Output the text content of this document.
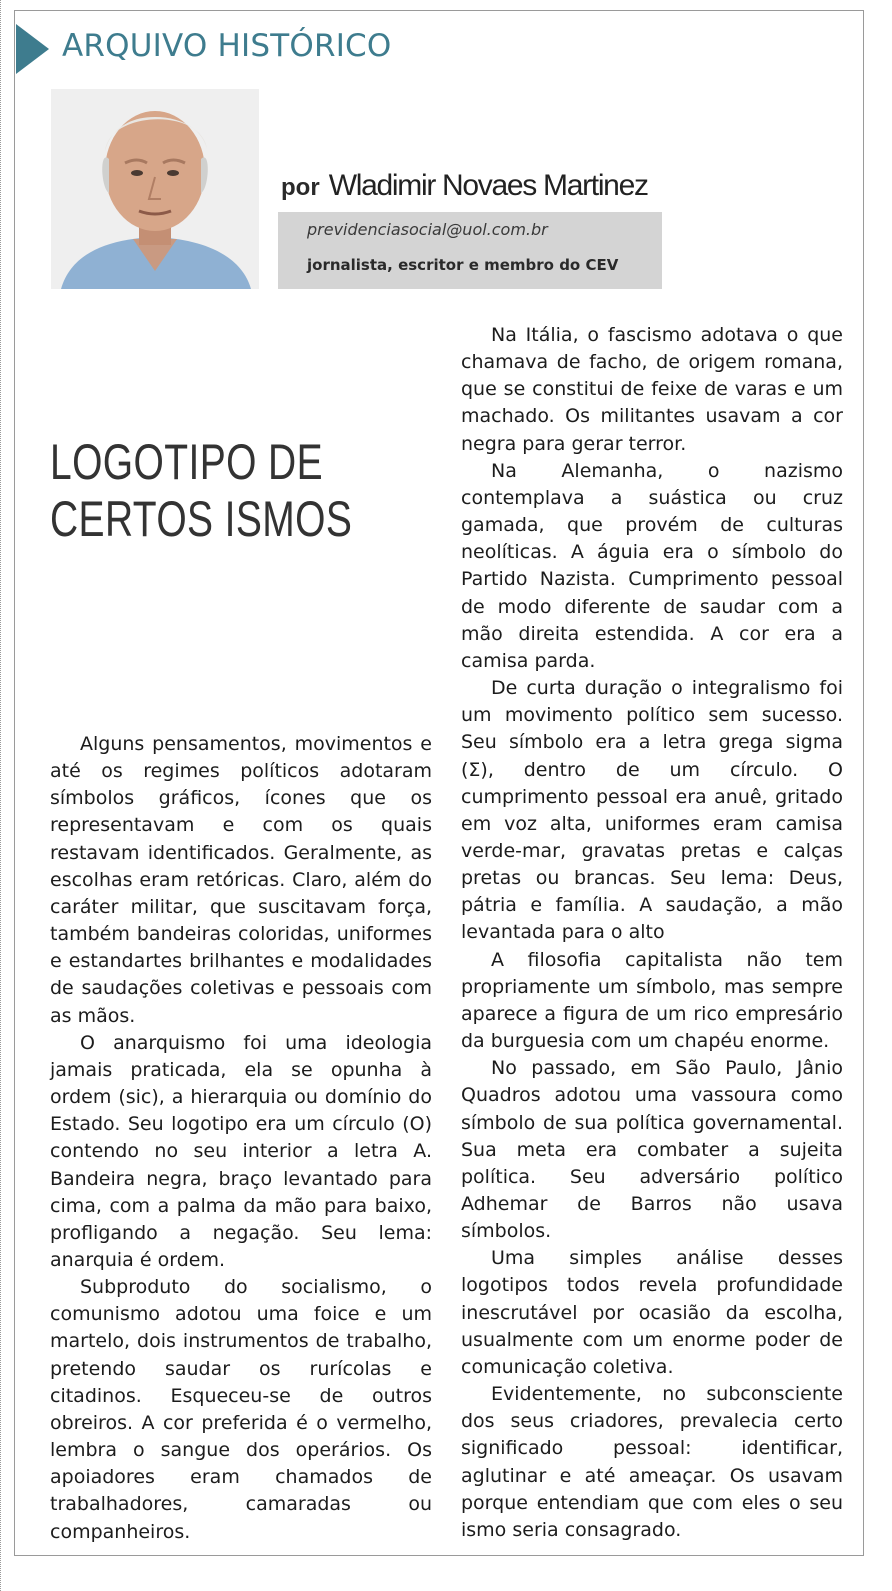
ARQUIVO HISTÓRICO
por Wladimir Novaes Martinez
previdenciasocial@uol.com.br
jornalista, escritor e membro do CEV
LOGOTIPO DE
CERTOS ISMOS

Alguns pensamentos, movimentos e até os regimes políticos adotaram símbolos gráficos, ícones que os representavam e com os quais restavam identificados. Geralmente, as escolhas eram retóricas. Claro, além do caráter militar, que suscitavam força, também bandeiras coloridas, uniformes e estandartes brilhantes e modalidades de saudações coletivas e pessoais com as mãos.

O anarquismo foi uma ideologia jamais praticada, ela se opunha à ordem (sic), a hierarquia ou domínio do Estado. Seu logotipo era um círculo (O) contendo no seu interior a letra A. Bandeira negra, braço levantado para cima, com a palma da mão para baixo, profligando a negação. Seu lema: anarquia é ordem.

Subproduto do socialismo, o comunismo adotou uma foice e um martelo, dois instrumentos de trabalho, pretendo saudar os rurícolas e citadinos. Esqueceu-se de outros obreiros. A cor preferida é o vermelho, lembra o sangue dos operários. Os apoiadores eram chamados de trabalhadores, camaradas ou companheiros.

Na Itália, o fascismo adotava o que chamava de facho, de origem romana, que se constitui de feixe de varas e um machado. Os militantes usavam a cor negra para gerar terror.

Na Alemanha, o nazismo contemplava a suástica ou cruz gamada, que provém de culturas neolíticas. A águia era o símbolo do Partido Nazista. Cumprimento pessoal de modo diferente de saudar com a mão direita estendida. A cor era a camisa parda.

De curta duração o integralismo foi um movimento político sem sucesso. Seu símbolo era a letra grega sigma (Σ), dentro de um círculo. O cumprimento pessoal era anuê, gritado em voz alta, uniformes eram camisa verde-mar, gravatas pretas e calças pretas ou brancas. Seu lema: Deus, pátria e família. A saudação, a mão levantada para o alto

A filosofia capitalista não tem propriamente um símbolo, mas sempre aparece a figura de um rico empresário da burguesia com um chapéu enorme.

No passado, em São Paulo, Jânio Quadros adotou uma vassoura como símbolo de sua política governamental. Sua meta era combater a sujeita política. Seu adversário político Adhemar de Barros não usava símbolos.

Uma simples análise desses logotipos todos revela profundidade inescrutável por ocasião da escolha, usualmente com um enorme poder de comunicação coletiva.

Evidentemente, no subconsciente dos seus criadores, prevalecia certo significado pessoal: identificar, aglutinar e até ameaçar. Os usavam porque entendiam que com eles o seu ismo seria consagrado.
